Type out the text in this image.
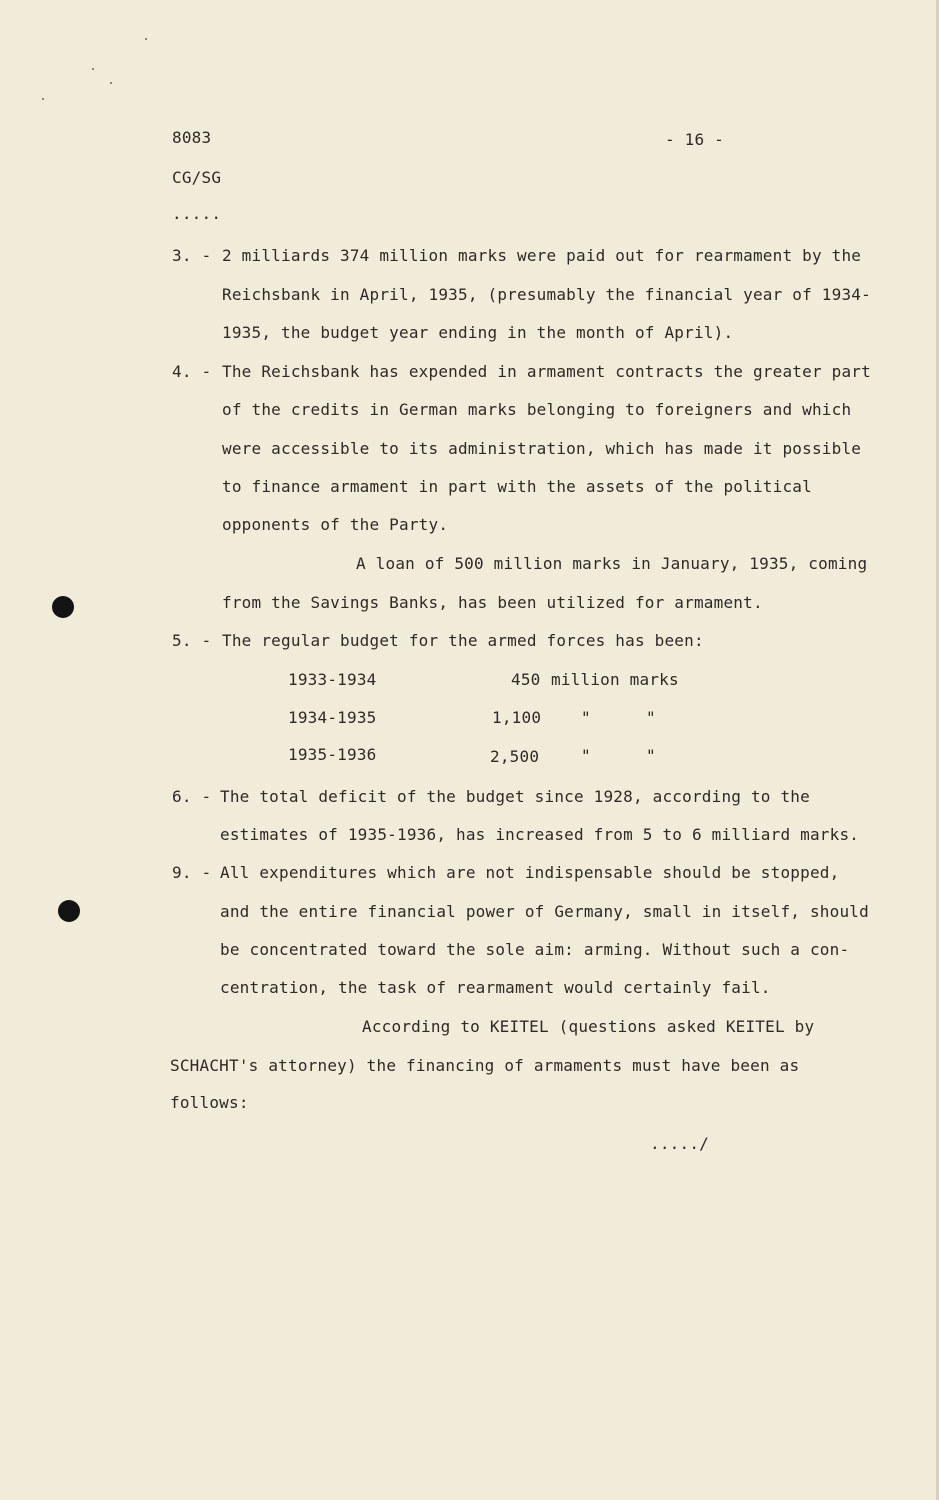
8083	- 16 -
CG/SG
.....
3. - 2 milliards 374 million marks were paid out for rearmament by the
Reichsbank in April, 1935, (presumably the financial year of 1934-
1935, the budget year ending in the month of April).
4. - The Reichsbank has expended in armament contracts the greater part
of the credits in German marks belonging to foreigners and which
were accessible to its administration, which has made it possible
to finance armament in part with the assets of the political
opponents of the Party.
A loan of 500 million marks in January, 1935, coming
from the Savings Banks, has been utilized for armament.
5. - The regular budget for the armed forces has been:
1933-1934	450 million marks
1934-1935	1,100 "	"
1935-1936	2,500	"	"
6. - The total deficit of the budget since 1928, according to the
estimates of 1935-1936, has increased from 5 to 6 milliard marks.
9. - All expenditures which are not indispensable should be stopped,
and the entire financial power of Germany, small in itself, should
be concentrated toward the sole aim: arming. Without such a con-
centration, the task of rearmament would certainly fail.
According to KEITEL (questions asked KEITEL by
SCHACHT's attorney) the financing of armaments must have been as
follows:
...../
